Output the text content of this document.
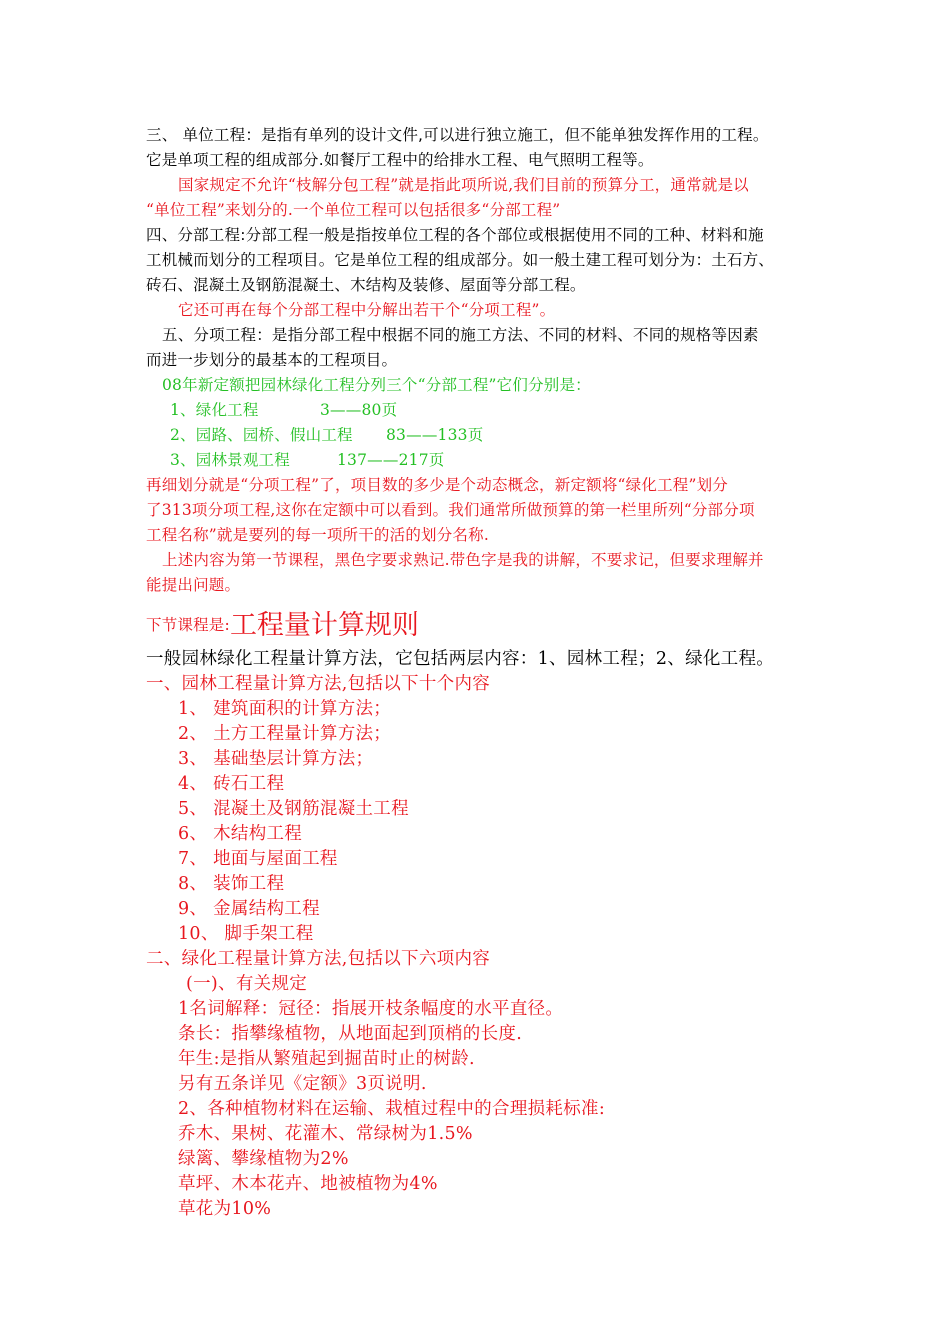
三、 单位工程：是指有单列的设计文件,可以进行独立施工，但不能单独发挥作用的工程。
它是单项工程的组成部分.如餐厅工程中的给排水工程、电气照明工程等。
国家规定不允许“枝解分包工程”就是指此项所说,我们目前的预算分工，通常就是以
“单位工程”来划分的.一个单位工程可以包括很多“分部工程”
四、分部工程:分部工程一般是指按单位工程的各个部位或根据使用不同的工种、材料和施
工机械而划分的工程项目。它是单位工程的组成部分。如一般土建工程可划分为：土石方、
砖石、混凝土及钢筋混凝土、木结构及装修、屋面等分部工程。
它还可再在每个分部工程中分解出若干个“分项工程”。
五、分项工程：是指分部工程中根据不同的施工方法、不同的材料、不同的规格等因素
而进一步划分的最基本的工程项目。
08年新定额把园林绿化工程分列三个“分部工程”它们分别是：
1、绿化工程	3——80页
2、园路、园桥、假山工程 83——133页
3、园林景观工程	137——217页
再细划分就是“分项工程”了，项目数的多少是个动态概念，新定额将“绿化工程”划分
了313项分项工程,这你在定额中可以看到。我们通常所做预算的第一栏里所列“分部分项
工程名称”就是要列的每一项所干的活的划分名称.
上述内容为第一节课程，黑色字要求熟记.带色字是我的讲解，不要求记，但要求理解并
能提出问题。
下节课程是:工程量计算规则
一般园林绿化工程量计算方法，它包括两层内容：1、园林工程；2、绿化工程。
一、园林工程量计算方法,包括以下十个内容
1、 建筑面积的计算方法；
2、 土方工程量计算方法；
3、 基础垫层计算方法；
4、 砖石工程
5、 混凝土及钢筋混凝土工程
6、 木结构工程
7、 地面与屋面工程
8、 装饰工程
9、 金属结构工程
10、 脚手架工程
二、绿化工程量计算方法,包括以下六项内容
(一)、有关规定
1名词解释：冠径：指展开枝条幅度的水平直径。
条长：指攀缘植物，从地面起到顶梢的长度.
年生:是指从繁殖起到掘苗时止的树龄.
另有五条详见《定额》3页说明.
2、各种植物材料在运输、栽植过程中的合理损耗标准:
乔木、果树、花灌木、常绿树为1.5%
绿篱、攀缘植物为2%
草坪、木本花卉、地被植物为4%
草花为10%
